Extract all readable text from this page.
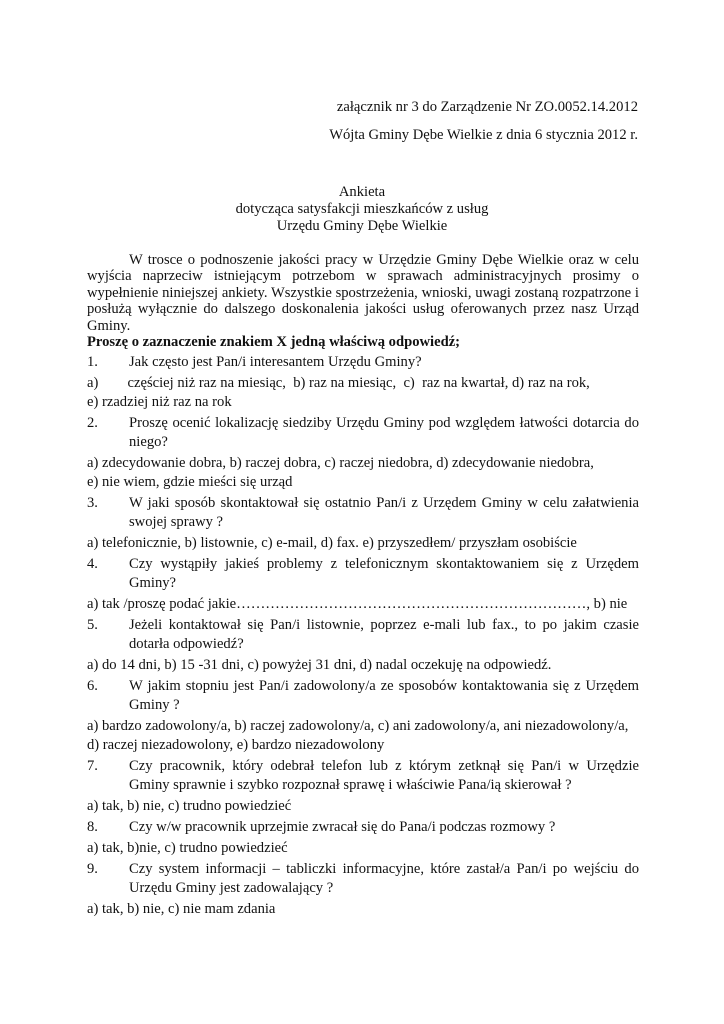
załącznik nr 3 do Zarządzenie Nr ZO.0052.14.2012
Wójta Gminy Dębe Wielkie z dnia 6 stycznia 2012 r.
Ankieta
dotycząca satysfakcji mieszkańców z usług
Urzędu Gminy Dębe Wielkie
W trosce o podnoszenie jakości pracy w Urzędzie Gminy Dębe Wielkie oraz w celu wyjścia naprzeciw istniejącym potrzebom w sprawach administracyjnych prosimy o wypełnienie niniejszej ankiety. Wszystkie spostrzeżenia, wnioski, uwagi zostaną rozpatrzone i posłużą wyłącznie do dalszego doskonalenia jakości usług oferowanych przez nasz Urząd Gminy.
Proszę o zaznaczenie znakiem X jedną właściwą odpowiedź;
1. Jak często jest Pan/i interesantem Urzędu Gminy?
a)        częściej niż raz na miesiąc,  b) raz na miesiąc,  c)  raz na kwartał, d) raz na rok,
e) rzadziej niż raz na rok
2. Proszę ocenić lokalizację siedziby Urzędu Gminy pod względem łatwości dotarcia do niego?
a) zdecydowanie dobra, b) raczej dobra, c) raczej niedobra, d) zdecydowanie niedobra,
e) nie wiem, gdzie mieści się urząd
3. W jaki sposób skontaktował się ostatnio Pan/i z Urzędem Gminy w celu załatwienia swojej sprawy ?
a) telefonicznie, b) listownie, c) e-mail, d) fax. e) przyszedłem/ przyszłam osobiście
4. Czy wystąpiły jakieś problemy z telefonicznym skontaktowaniem się z Urzędem Gminy?
a) tak /proszę podać jakie………………………………………………………………, b) nie
5. Jeżeli kontaktował się Pan/i listownie, poprzez e-mali lub fax., to po jakim czasie dotarła odpowiedź?
a) do 14 dni, b) 15 -31 dni, c) powyżej 31 dni, d) nadal oczekuję na odpowiedź.
6. W jakim stopniu jest Pan/i zadowolony/a ze sposobów kontaktowania się z Urzędem Gminy ?
a) bardzo zadowolony/a, b) raczej zadowolony/a, c) ani zadowolony/a, ani niezadowolony/a,
d) raczej niezadowolony, e) bardzo niezadowolony
7. Czy pracownik, który odebrał telefon lub z którym zetknął się Pan/i w Urzędzie Gminy sprawnie i szybko rozpoznał sprawę i właściwie Pana/ią skierował ?
a) tak, b) nie, c) trudno powiedzieć
8. Czy w/w pracownik uprzejmie zwracał się do Pana/i podczas rozmowy ?
a) tak, b)nie, c) trudno powiedzieć
9. Czy system informacji – tabliczki informacyjne, które zastał/a Pan/i po wejściu do Urzędu Gminy jest zadowalający ?
a) tak, b) nie, c) nie mam zdania
